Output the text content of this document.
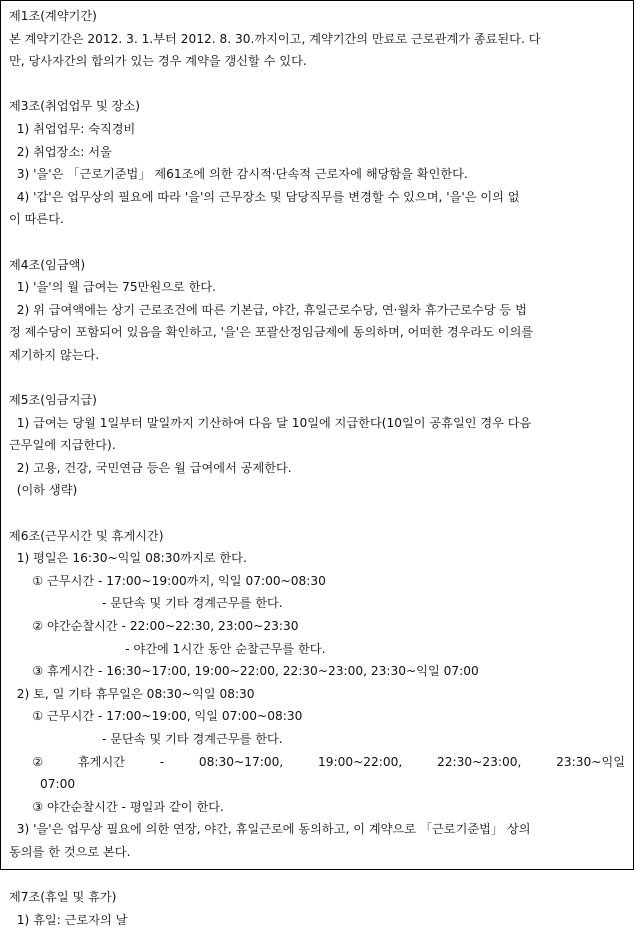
제1조(계약기간)
본 계약기간은 2012. 3. 1.부터 2012. 8. 30.까지이고, 계약기간의 만료로 근로관계가 종료된다. 다
만, 당사자간의 합의가 있는 경우 계약을 갱신할 수 있다.
제3조(취업업무 및 장소)
1) 취업업무: 숙직경비
2) 취업장소: 서울
3) '을'은 「근로기준법」 제61조에 의한 감시적·단속적 근로자에 해당함을 확인한다.
4) '갑'은 업무상의 필요에 따라 '을'의 근무장소 및 담당직무를 변경할 수 있으며, '을'은 이의 없
이 따른다.
제4조(임금액)
1) '을'의 월 급여는 75만원으로 한다.
2) 위 급여액에는 상기 근로조건에 따른 기본급, 야간, 휴일근로수당, 연·월차 휴가근로수당 등 법
정 제수당이 포함되어 있음을 확인하고, '을'은 포괄산정임금제에 동의하며, 어떠한 경우라도 이의를
제기하지 않는다.
제5조(임금지급)
1) 급여는 당월 1일부터 말일까지 기산하여 다음 달 10일에 지급한다(10일이 공휴일인 경우 다음
근무일에 지급한다).
2) 고용, 건강, 국민연금 등은 월 급여에서 공제한다.
(이하 생략)
제6조(근무시간 및 휴게시간)
1) 평일은 16:30~익일 08:30까지로 한다.
① 근무시간 - 17:00~19:00까지, 익일 07:00~08:30
- 문단속 및 기타 경계근무를 한다.
② 야간순찰시간 - 22:00~22:30, 23:00~23:30
- 야간에 1시간 동안 순찰근무를 한다.
③ 휴게시간 - 16:30~17:00, 19:00~22:00, 22:30~23:00, 23:30~익일 07:00
2) 토, 일 기타 휴무일은 08:30~익일 08:30
① 근무시간 - 17:00~19:00, 익일 07:00~08:30
- 문단속 및 기타 경계근무를 한다.
②	휴게시간	-	08:30~17:00,	19:00~22:00,	22:30~23:00,	23:30~익일
07:00
③ 야간순찰시간 - 평일과 같이 한다.
3) '을'은 업무상 필요에 의한 연장, 야간, 휴일근로에 동의하고, 이 계약으로 「근로기준법」 상의
동의를 한 것으로 본다.
제7조(휴일 및 휴가)
1) 휴일: 근로자의 날
